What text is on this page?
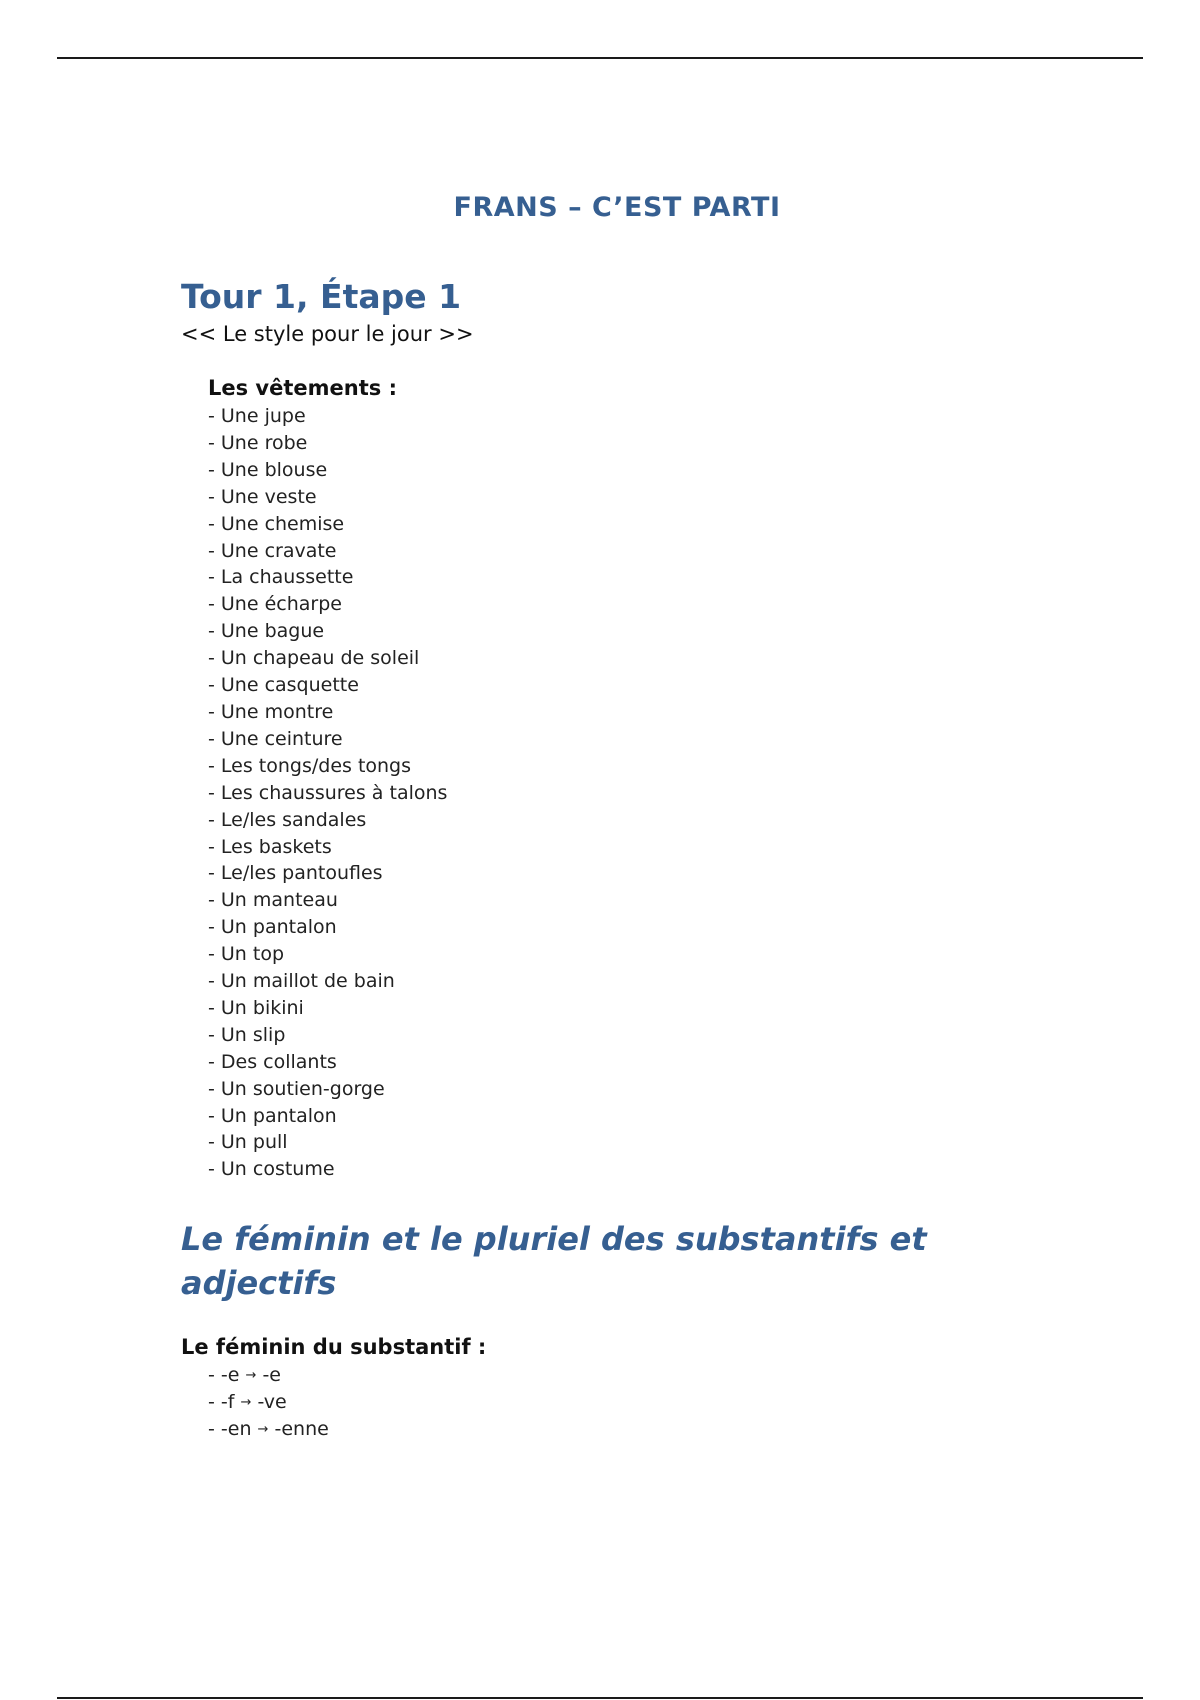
FRANS – C’EST PARTI
Tour 1, Étape 1

<< Le style pour le jour >>

Les vêtements :

- Une jupe
- Une robe
- Une blouse
- Une veste
- Une chemise
- Une cravate
- La chaussette
- Une écharpe
- Une bague
- Un chapeau de soleil
- Une casquette
- Une montre
- Une ceinture
- Les tongs/des tongs
- Les chaussures à talons
- Le/les sandales
- Les baskets
- Le/les pantoufles
- Un manteau
- Un pantalon
- Un top
- Un maillot de bain
- Un bikini
- Un slip
- Des collants
- Un soutien-gorge
- Un pantalon
- Un pull
- Un costume
Le féminin et le pluriel des substantifs et adjectifs

Le féminin du substantif :

- -e → -e
- -f → -ve
- -en → -enne
